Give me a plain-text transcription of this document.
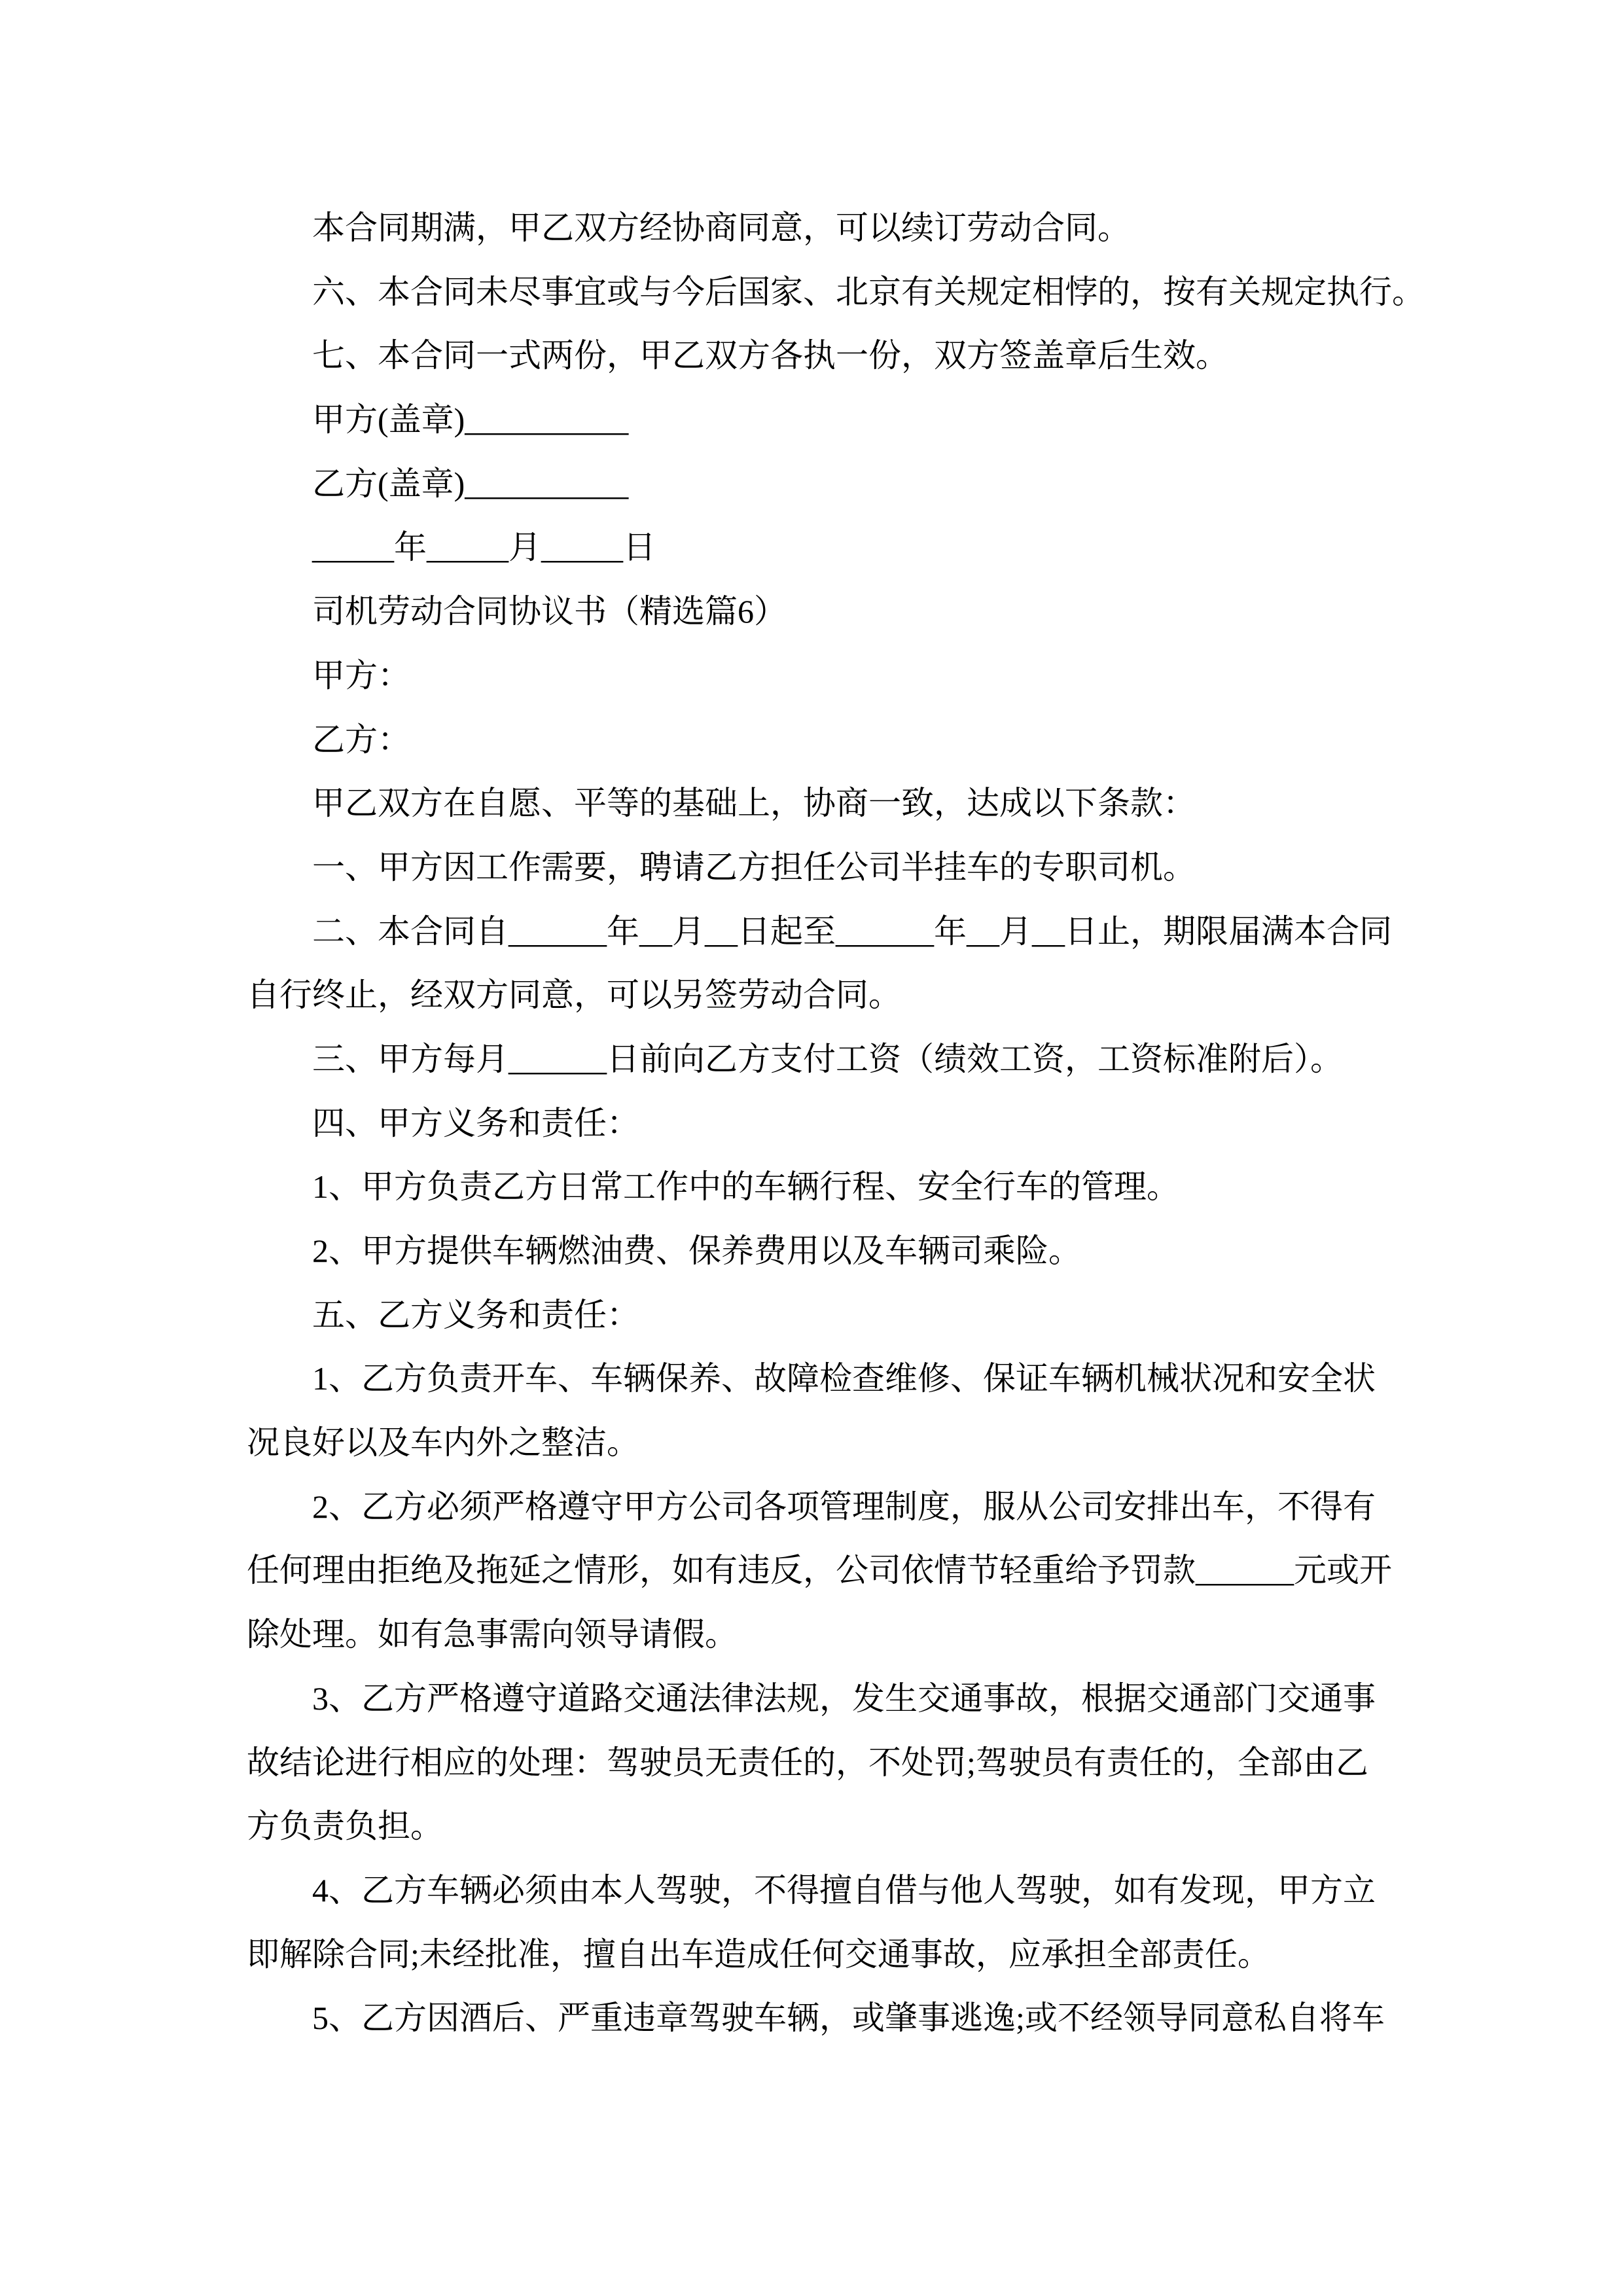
本合同期满，甲乙双方经协商同意，可以续订劳动合同。
六、本合同未尽事宜或与今后国家、北京有关规定相悖的，按有关规定执行。
七、本合同一式两份，甲乙双方各执一份，双方签盖章后生效。
甲方(盖章)__________
乙方(盖章)__________
_____年_____月_____日
司机劳动合同协议书（精选篇6）
甲方：
乙方：
甲乙双方在自愿、平等的基础上，协商一致，达成以下条款：
一、甲方因工作需要，聘请乙方担任公司半挂车的专职司机。
二、本合同自______年__月__日起至______年__月__日止，期限届满本合同
自行终止，经双方同意，可以另签劳动合同。
三、甲方每月______日前向乙方支付工资（绩效工资，工资标准附后）。
四、甲方义务和责任：
1、甲方负责乙方日常工作中的车辆行程、安全行车的管理。
2、甲方提供车辆燃油费、保养费用以及车辆司乘险。
五、乙方义务和责任：
1、乙方负责开车、车辆保养、故障检查维修、保证车辆机械状况和安全状
况良好以及车内外之整洁。
2、乙方必须严格遵守甲方公司各项管理制度，服从公司安排出车，不得有
任何理由拒绝及拖延之情形，如有违反，公司依情节轻重给予罚款______元或开
除处理。如有急事需向领导请假。
3、乙方严格遵守道路交通法律法规，发生交通事故，根据交通部门交通事
故结论进行相应的处理：驾驶员无责任的，不处罚;驾驶员有责任的，全部由乙
方负责负担。
4、乙方车辆必须由本人驾驶，不得擅自借与他人驾驶，如有发现，甲方立
即解除合同;未经批准，擅自出车造成任何交通事故，应承担全部责任。
5、乙方因酒后、严重违章驾驶车辆，或肇事逃逸;或不经领导同意私自将车
